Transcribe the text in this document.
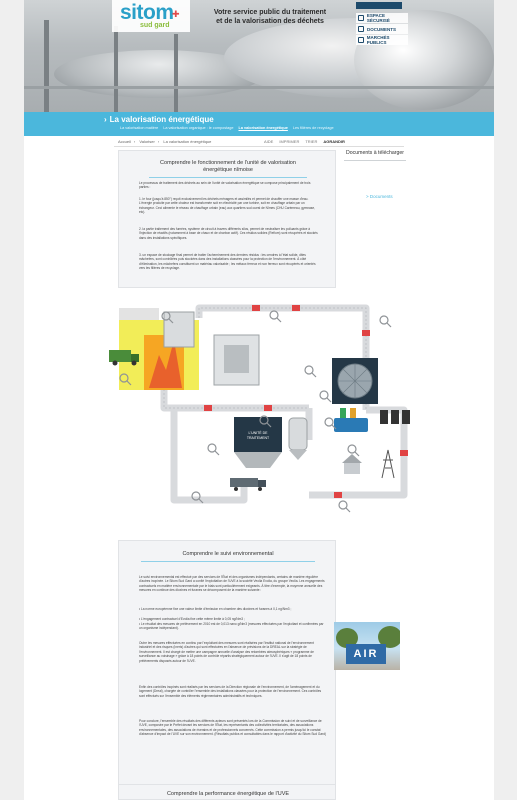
sitom
sud gard
✚	Votre service public du traitement et de la valorisation des déchets
ESPACE SÉCURISÉ
DOCUMENTS
MARCHÉS PUBLICS
› La valorisation énergétique
La valorisation matière La valorisation organique : le compostage La valorisation énergétique Les filières de recyclage
Accueil › Valoriser › La valorisation énergétique	AIDE IMPRIMER TRIER AGRANDIR
Comprendre le fonctionnement de l'unité de valorisation énergétique nîmoise

Le processus de traitement des déchets au sein de l'unité de valorisation énergétique se compose principalement de trois parties :

1. le four (jusqu'à 850°) reçoit exclusivement les déchets ménagers et assimilés et permet de chauffer une masse d'eau. L'énergie produite par cette chaleur est transformée soit en électricité par une turbine, soit en chauffage urbain par un échangeur. Ceci alimente le réseau de chauffage urbain (eau) aux quartiers sud ouest de Nîmes (CHU Carémeau, gymnase, etc).

2. la partie traitement des fumées, système de circuit à travers différents silos, permet de neutraliser les polluants grâce à l'injection de réactifs (notamment à base de chaux et de charbon actif). Ces résidus solides (Refiom) sont récupérés et stockés dans des installations spécifiques.

3. un espace de stockage final permet de traiter l'acheminement des derniers résidus : les cendres à l'état solide, dites mâchefers, sont contrôlées puis stockées dans des installations classées pour la protection de l'environnement. À côté d'élimination, les mâchefers constituent un matériau valorisable ; les métaux ferreux et non ferreux sont récupérés et orientés vers les filières de recyclage.

Documents à télécharger
> Documents
L'UNITÉ DE
TRAITEMENT
Comprendre le suivi environnemental

Le suivi environnemental est effectué par des services de l'État et des organismes indépendants, certains de manière régulière d'autres inopinée. Le Sitom Sud Gard a confié l'exploitation de l'UVE à la société Veolia Evolia, du groupe Veolia. Les engagements contractuels en matière environnementale par le biais sont particulièrement exigeants. À titre d'exemple, la moyenne annuelle des mesures en continue des dioxines et furanes se décomposent de la manière suivante :

• La norme européenne fixe une valeur limite d'émission en chambre des dioxines et furanes à 0,1 ng/Nm3 ;

• L'engagement contractuel d'Evolia fixe cette même limite à 0,05 ng/Nm3 ;

• Le résultat des mesures de prélèvement en 2010 est de 0,013 nano g/Nm3 (mesures effectuées par l'exploitant et confirmées par un organisme indépendant).

Outre les mesures effectuées en continu par l'exploitant des mesures sont réalisées par l'institut national de l'environnement industriel et des risques (Ineris) d'autres qui sont effectuées en l'absence de prévisions de la DREAL sur la stratégie de l'environnement. Il est chargé de mettre une campagne annuelle d'analyse des retombées atmosphériques « programme de surveillance au voisinage » grâce à 18 points de contrôle répartis stratégiquement autour de l'UVE. Il s'agit de 18 points de prélèvements disposés autour de l'UVE.

Enfin des contrôles inopinés sont réalisés par les services de la Direction régionale de l'environnement, de l'aménagement et du logement (Dreal), chargée de contrôler l'ensemble des installations classées pour la protection de l'environnement. Ces contrôles sont effectués sur l'ensemble des éléments réglementaires administratifs et techniques.

Pour conclure, l'ensemble des résultats des différents acteurs sont présentés lors de la Commission de suivi et de surveillance de l'UVE, composée par le Préfet devant les services de l'État, les représentants des collectivités territoriales, des associations environnementales, des associations de riverains et de professionnels concernés. Cette commission a permis jusqu'ici le constat d'absence d'impact de l'UVE sur son environnement. (Résultats publics et consultables dans le rapport d'activité du Sitom Sud Gard)

AIR
Comprendre la performance énergétique de l'UVE
